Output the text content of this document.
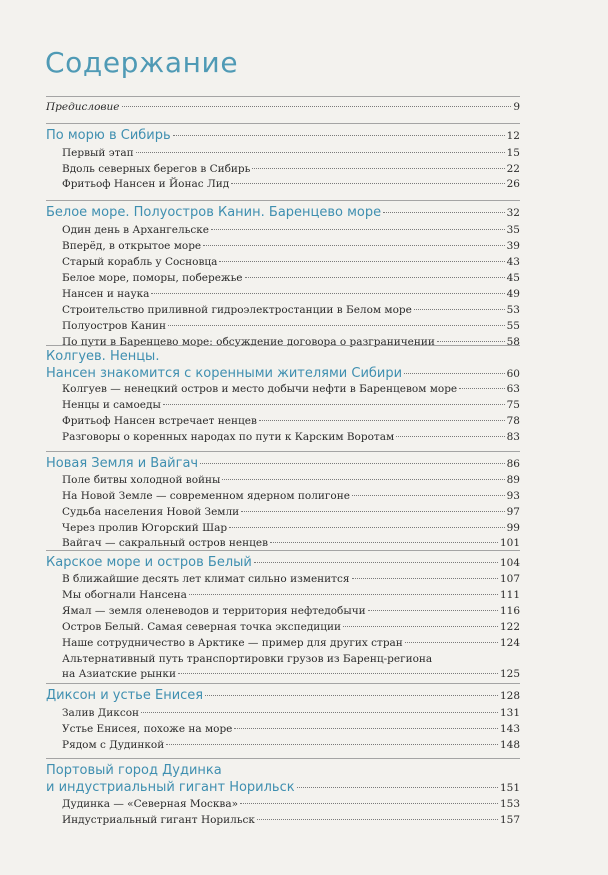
Содержание
Предисловие	9
По морю в Сибирь	12
Первый этап	15
Вдоль северных берегов в Сибирь	22
Фритьоф Нансен и Йонас Лид	26
Белое море. Полуостров Канин. Баренцево море	32
Один день в Архангельске	35
Вперёд, в открытое море	39
Старый корабль у Сосновца	43
Белое море, поморы, побережье	45
Нансен и наука	49
Строительство приливной гидроэлектростанции в Белом море	53
Полуостров Канин	55
По пути в Баренцево море: обсуждение договора о разграничении	58
Колгуев. Ненцы.
Нансен знакомится с коренными жителями Сибири	60
Колгуев — ненецкий остров и место добычи нефти в Баренцевом море	63
Ненцы и самоеды	75
Фритьоф Нансен встречает ненцев	78
Разговоры о коренных народах по пути к Карским Воротам	83
Новая Земля и Вайгач	86
Поле битвы холодной войны	89
На Новой Земле — современном ядерном полигоне	93
Судьба населения Новой Земли	97
Через пролив Югорский Шар	99
Вайгач — сакральный остров ненцев	101
Карское море и остров Белый	104
В ближайшие десять лет климат сильно изменится	107
Мы обогнали Нансена	111
Ямал — земля оленеводов и территория нефтедобычи	116
Остров Белый. Самая северная точка экспедиции	122
Наше сотрудничество в Арктике — пример для других стран	124
Альтернативный путь транспортировки грузов из Баренц-региона
на Азиатские рынки	125
Диксон и устье Енисея	128
Залив Диксон	131
Устье Енисея, похоже на море	143
Рядом с Дудинкой	148
Портовый город Дудинка
и индустриальный гигант Норильск	151
Дудинка — «Северная Москва»	153
Индустриальный гигант Норильск	157
